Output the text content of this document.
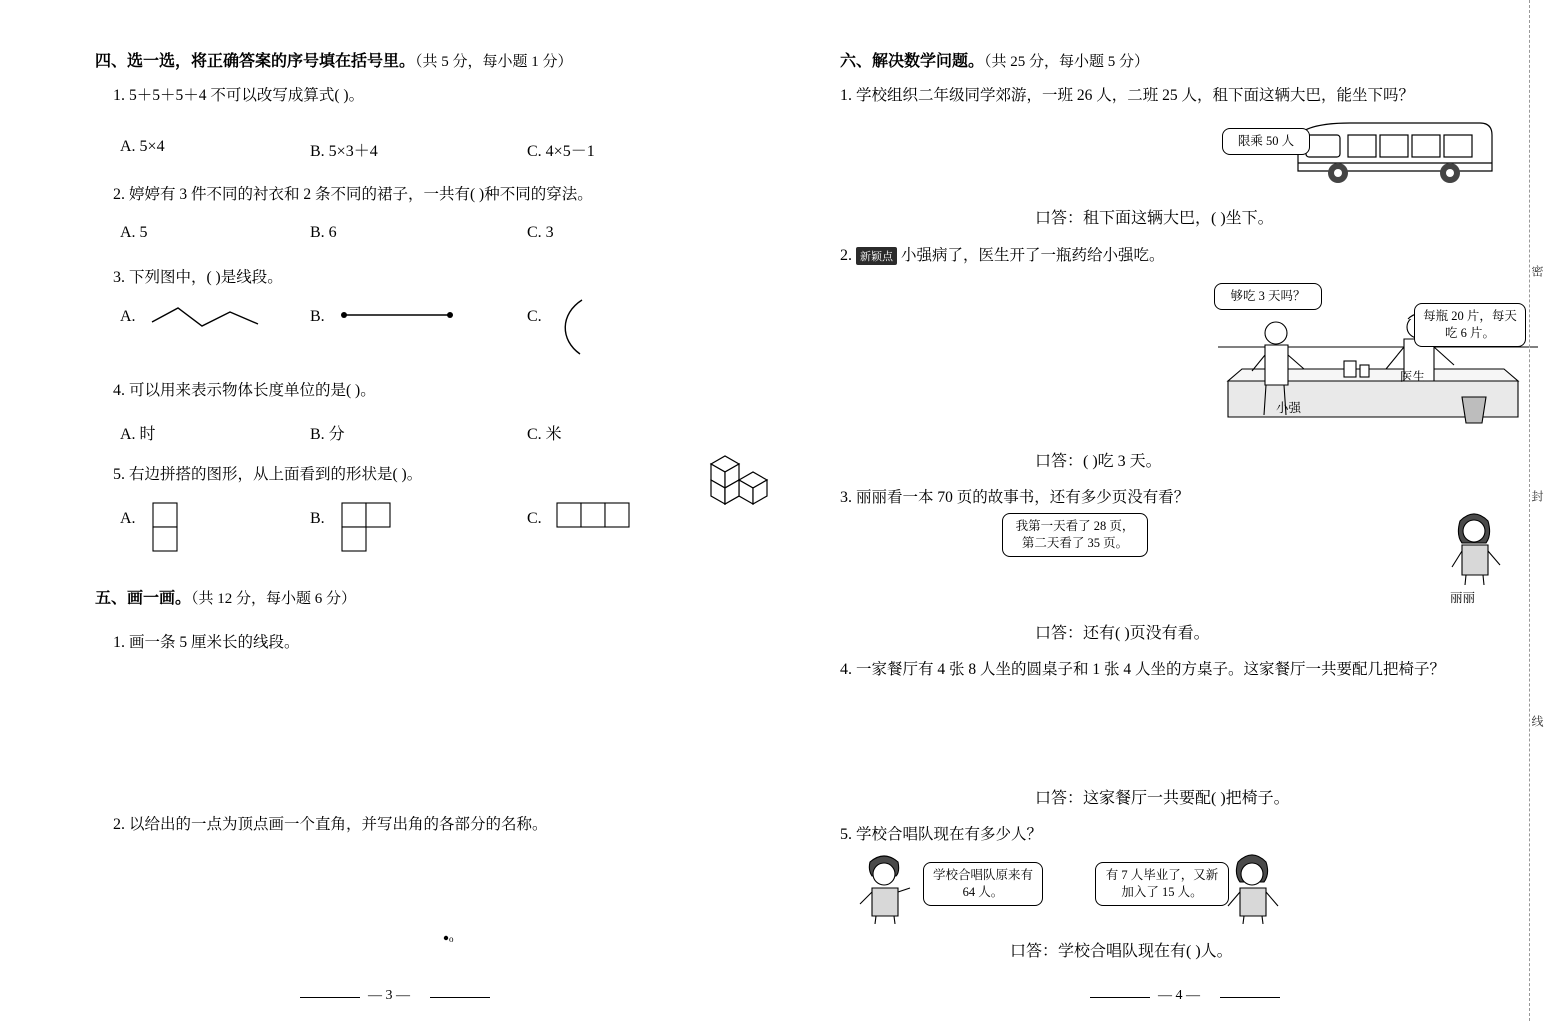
四、选一选，将正确答案的序号填在括号里。（共 5 分，每小题 1 分）
1. 5＋5＋5＋4 不可以改写成算式( )。
A. 5×4	B. 5×3＋4	C. 4×5－1
2. 婷婷有 3 件不同的衬衣和 2 条不同的裙子，一共有( )种不同的穿法。
A. 5	B. 6	C. 3
3. 下列图中，( )是线段。
A.	B.	C.
4. 可以用来表示物体长度单位的是( )。
A. 时	B. 分	C. 米
5. 右边拼搭的图形，从上面看到的形状是( )。
A.	B.	C.
五、画一画。（共 12 分，每小题 6 分）
1. 画一条 5 厘米长的线段。
2. 以给出的一点为顶点画一个直角，并写出角的各部分的名称。
o
— 3 —
六、解决数学问题。（共 25 分，每小题 5 分）
1. 学校组织二年级同学郊游，一班 26 人，二班 25 人，租下面这辆大巴，能坐下吗？
限乘 50 人
口答：租下面这辆大巴，( )坐下。
2. 新颖点 小强病了，医生开了一瓶药给小强吃。
够吃 3 天吗？
每瓶 20 片，每天吃 6 片。
医生
小强
口答：( )吃 3 天。
3. 丽丽看一本 70 页的故事书，还有多少页没有看？
我第一天看了 28 页，第二天看了 35 页。
丽丽
口答：还有( )页没有看。
4. 一家餐厅有 4 张 8 人坐的圆桌子和 1 张 4 人坐的方桌子。这家餐厅一共要配几把椅子？
口答：这家餐厅一共要配( )把椅子。
5. 学校合唱队现在有多少人？
学校合唱队原来有 64 人。
有 7 人毕业了，又新加入了 15 人。
口答：学校合唱队现在有( )人。
— 4 —
密
封
线
